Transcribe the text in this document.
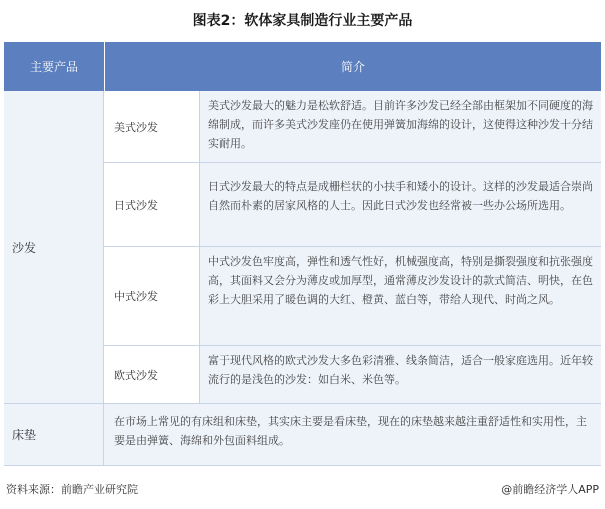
图表2：软体家具制造行业主要产品
主要产品	简介
沙发
美式沙发
美式沙发最大的魅力是松软舒适。目前许多沙发已经全部由框架加不同硬度的海绵制成，而许多美式沙发座仍在使用弹簧加海绵的设计，这使得这种沙发十分结实耐用。
日式沙发
日式沙发最大的特点是成栅栏状的小扶手和矮小的设计。这样的沙发最适合崇尚自然而朴素的居家风格的人士。因此日式沙发也经常被一些办公场所选用。
中式沙发
中式沙发色牢度高，弹性和透气性好，机械强度高，特别是撕裂强度和抗张强度高，其面料又会分为薄皮或加厚型，通常薄皮沙发设计的款式简洁、明快，在色彩上大胆采用了暖色调的大红、橙黄、蓝白等，带给人现代、时尚之风。
欧式沙发
富于现代风格的欧式沙发大多色彩清雅、线条简洁，适合一般家庭选用。近年较流行的是浅色的沙发：如白米、米色等。
床垫
在市场上常见的有床组和床垫，其实床主要是看床垫，现在的床垫越来越注重舒适性和实用性，主要是由弹簧、海绵和外包面料组成。
资料来源：前瞻产业研究院	@前瞻经济学人APP
